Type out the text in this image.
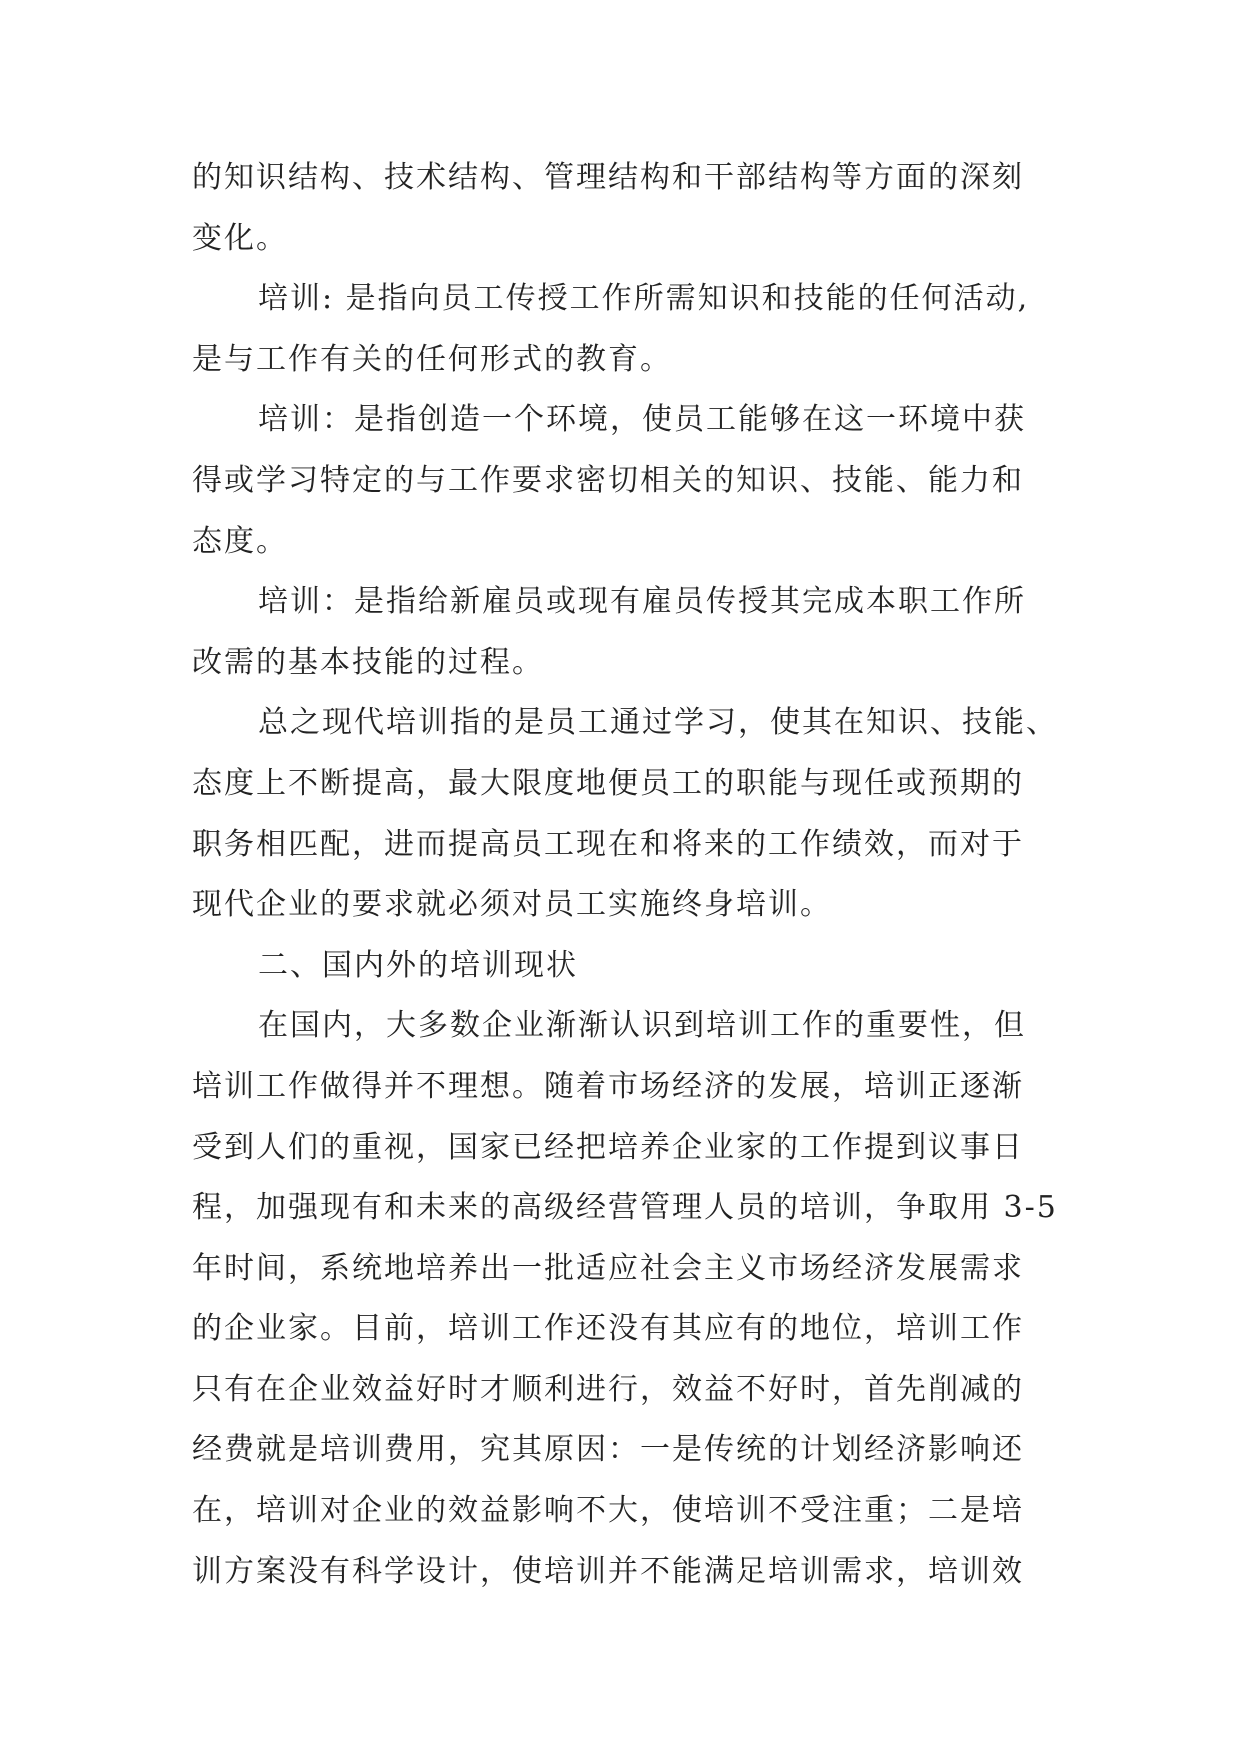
的知识结构、技术结构、管理结构和干部结构等方面的深刻
变化。
培训: 是指向员工传授工作所需知识和技能的任何活动,
是与工作有关的任何形式的教育。
培训：是指创造一个环境，使员工能够在这一环境中获
得或学习特定的与工作要求密切相关的知识、技能、能力和
态度。
培训：是指给新雇员或现有雇员传授其完成本职工作所
改需的基本技能的过程。
总之现代培训指的是员工通过学习，使其在知识、技能、
态度上不断提高，最大限度地便员工的职能与现任或预期的
职务相匹配，进而提高员工现在和将来的工作绩效，而对于
现代企业的要求就必须对员工实施终身培训。
二、国内外的培训现状
在国内，大多数企业渐渐认识到培训工作的重要性，但
培训工作做得并不理想。随着市场经济的发展，培训正逐渐
受到人们的重视，国家已经把培养企业家的工作提到议事日
程，加强现有和未来的高级经营管理人员的培训，争取用 3-5
年时间，系统地培养出一批适应社会主义市场经济发展需求
的企业家。目前，培训工作还没有其应有的地位，培训工作
只有在企业效益好时才顺利进行，效益不好时，首先削减的
经费就是培训费用，究其原因：一是传统的计划经济影响还
在，培训对企业的效益影响不大，使培训不受注重；二是培
训方案没有科学设计，使培训并不能满足培训需求，培训效
